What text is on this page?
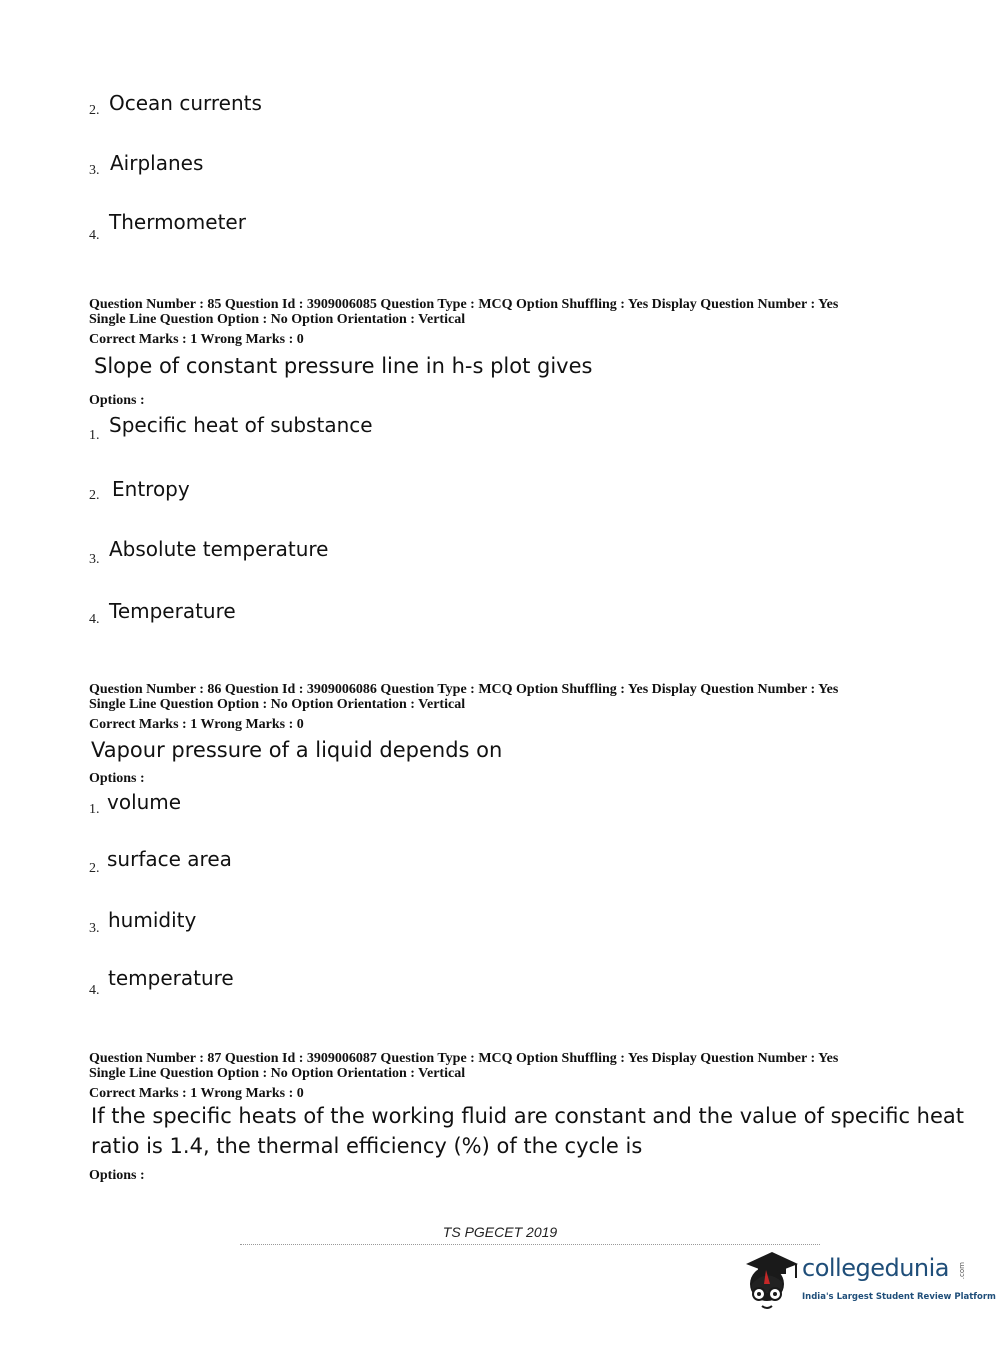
2. Ocean currents
3. Airplanes
4.
Thermometer
Question Number : 85 Question Id : 3909006085 Question Type : MCQ Option Shuffling : Yes Display Question Number : Yes
Single Line Question Option : No Option Orientation : Vertical
Correct Marks : 1 Wrong Marks : 0
Slope of constant pressure line in h-s plot gives
Options :
1. Specific heat of substance
2. Entropy
3. Absolute temperature
4. Temperature
Question Number : 86 Question Id : 3909006086 Question Type : MCQ Option Shuffling : Yes Display Question Number : Yes
Single Line Question Option : No Option Orientation : Vertical
Correct Marks : 1 Wrong Marks : 0
Vapour pressure of a liquid depends on
Options :
1. volume
2. surface area
3. humidity
4.
temperature
Question Number : 87 Question Id : 3909006087 Question Type : MCQ Option Shuffling : Yes Display Question Number : Yes
Single Line Question Option : No Option Orientation : Vertical
Correct Marks : 1 Wrong Marks : 0
If the specific heats of the working fluid are constant and the value of specific heat
ratio is 1.4, the thermal efficiency (%) of the cycle is
Options :
TS PGECET 2019
collegedunia .com
India's Largest Student Review Platform
